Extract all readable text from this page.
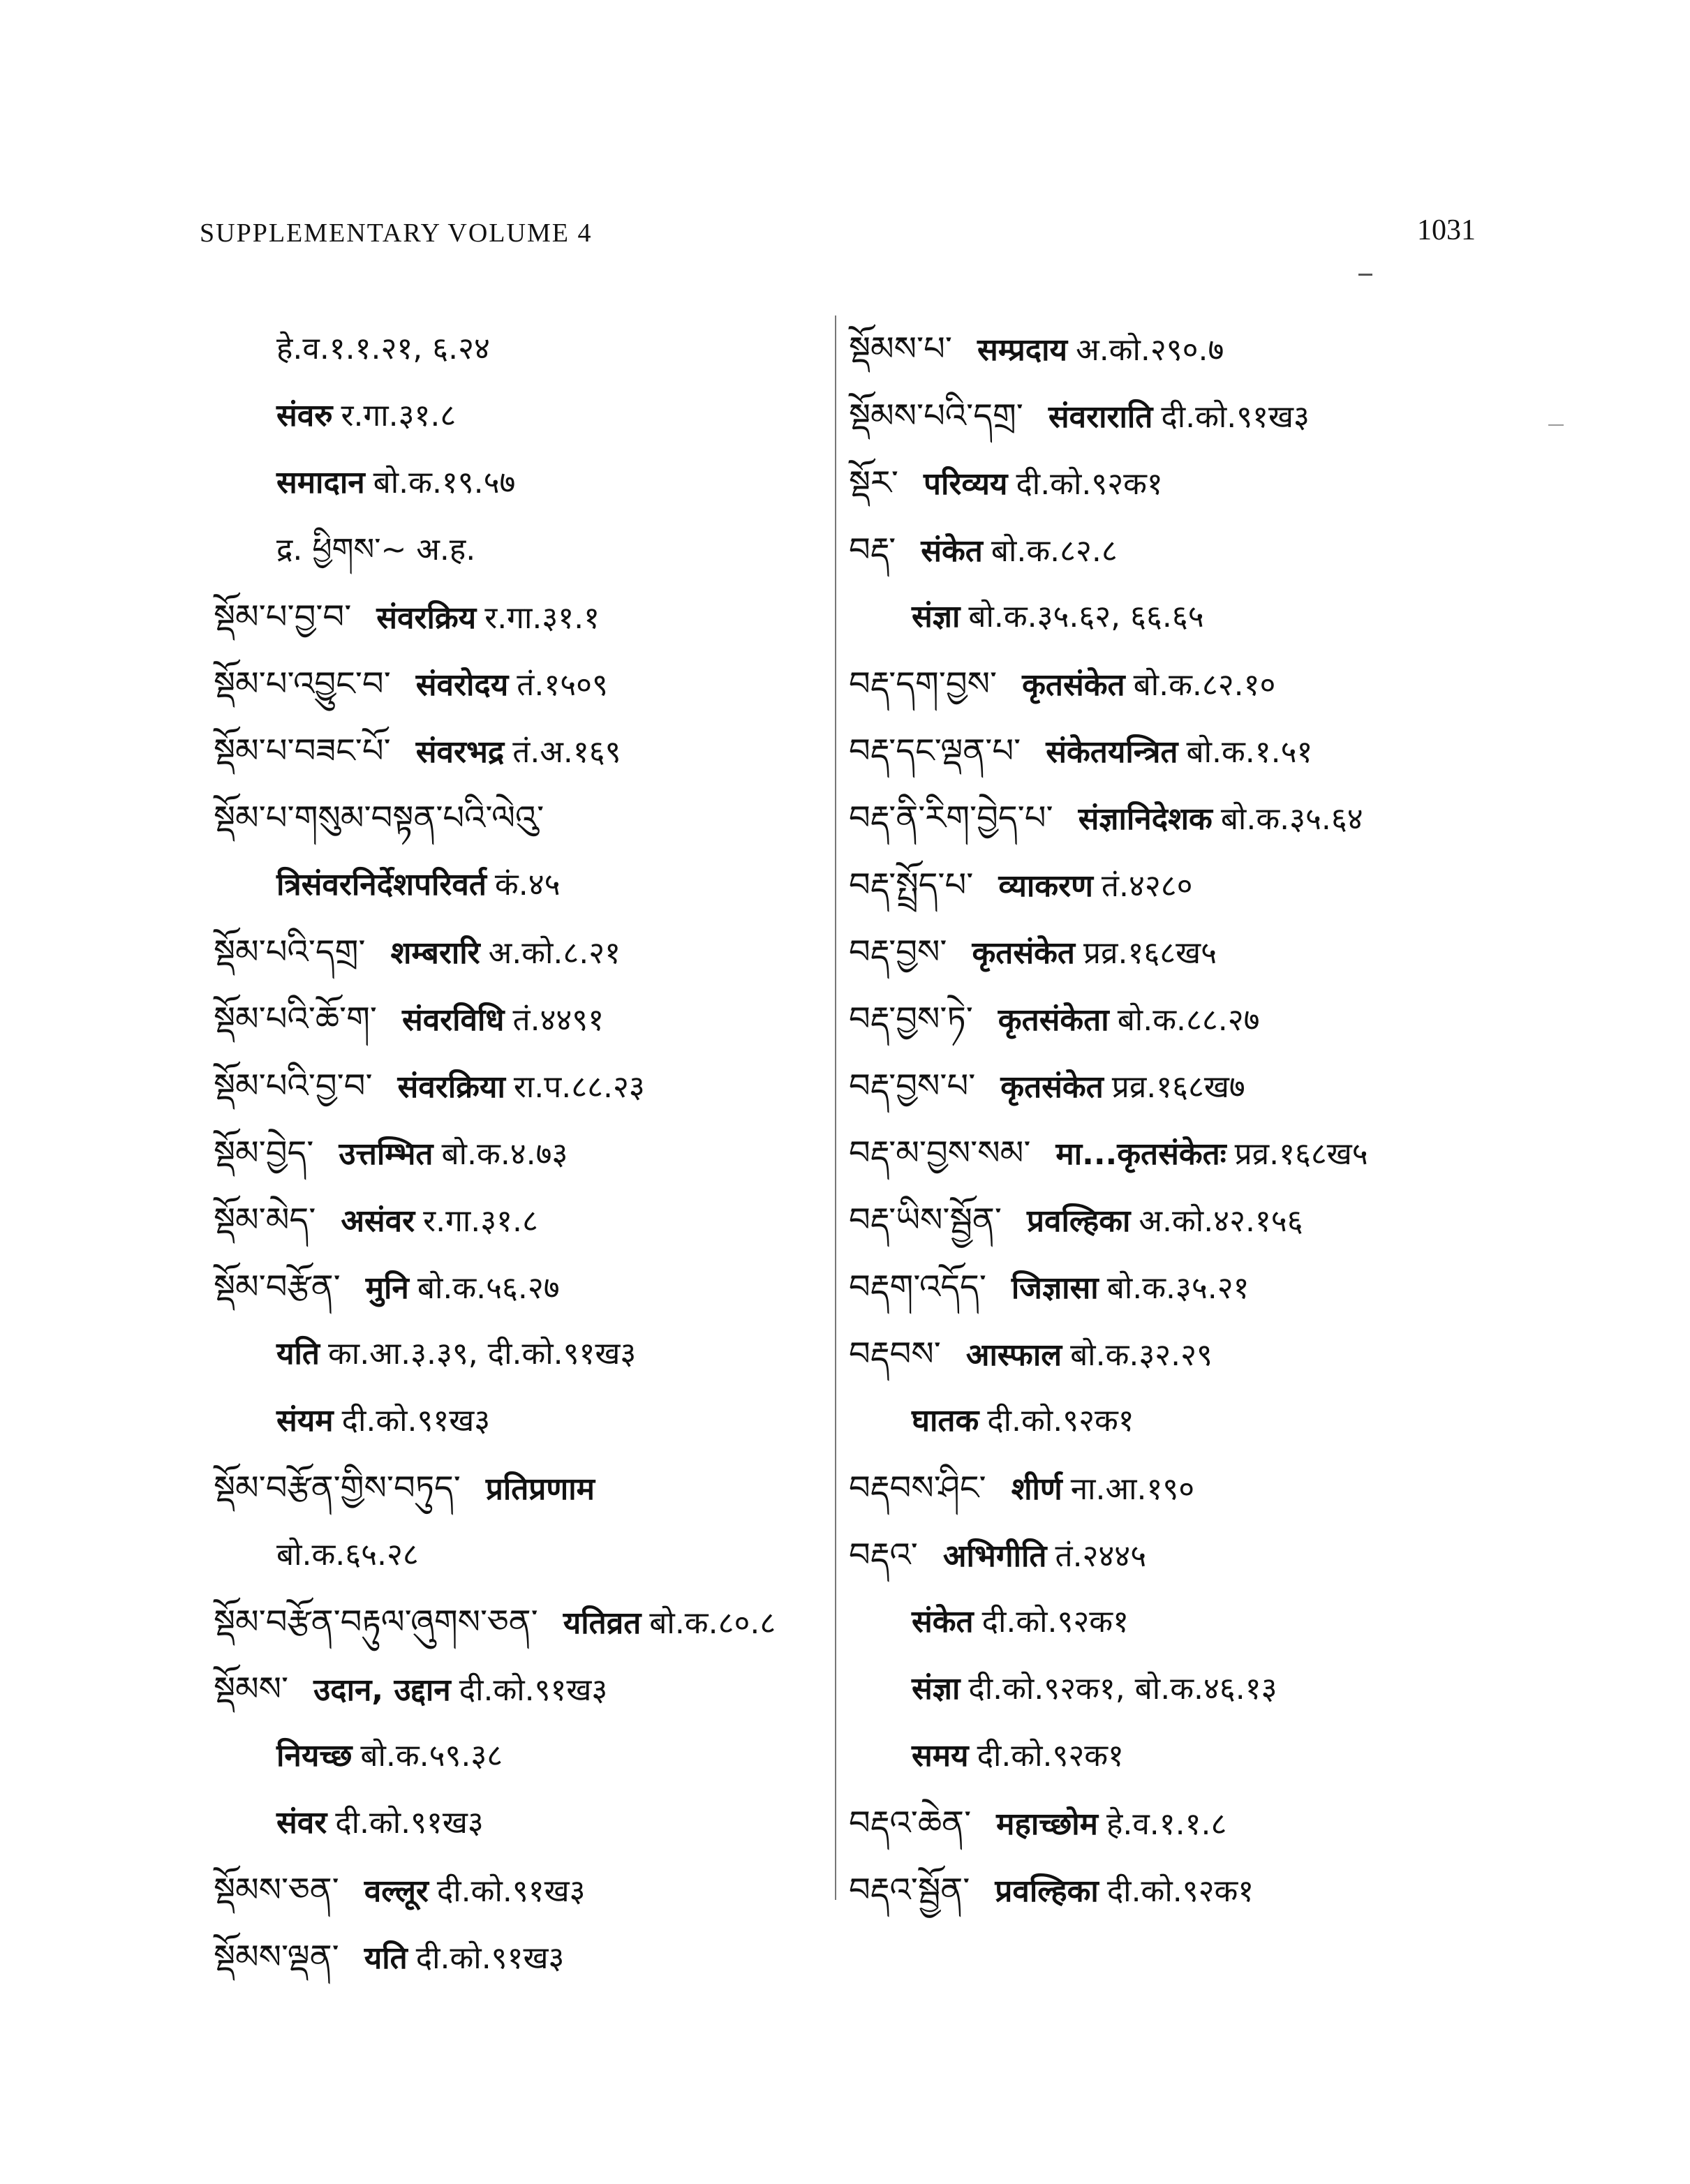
SUPPLEMENTARY VOLUME 4	1031
हे.व.१.१.२१, ६.२४
संवरु र.गा.३१.८
समादान बो.क.१९.५७
द्र. ཕྱིགས་~ अ.ह.
སྡོམ་པ་བྱ་བ་ संवरक्रिय र.गा.३१.१
སྡོམ་པ་འབྱུང་བ་ संवरोदय तं.१५०९
སྡོམ་པ་བཟང་པོ་ संवरभद्र तं.अ.१६९
སྡོམ་པ་གསུམ་བསྟན་པའི་ལེའུ་
त्रिसंवरनिर्देशपरिवर्त कं.४५
སྡོམ་པའི་དགྲ་ शम्बरारि अ.को.८.२१
སྡོམ་པའི་ཆོ་ག་ संवरविधि तं.४४९१
སྡོམ་པའི་བྱ་བ་ संवरक्रिया रा.प.८८.२३
སྡོམ་བྱེད་ उत्तम्भित बो.क.४.७३
སྡོམ་མེད་ असंवर र.गा.३१.८
སྡོམ་བརྩོན་ मुनि बो.क.५६.२७
यति का.आ.३.३९, दी.को.९१ख३
संयम दी.को.९१ख३
སྡོམ་བརྩོན་གྱིས་བཏུད་ प्रतिप्रणाम
बो.क.६५.२८
སྡོམ་བརྩོན་བརྟུལ་ཞུགས་ཅན་ यतिव्रत बो.क.८०.८
སྡོམས་ उदान, उद्दान दी.को.९१ख३
नियच्छ बो.क.५९.३८
संवर दी.को.९१ख३
སྡོམས་ཅན་ वल्लूर दी.को.९१ख३
སྡོམས་ལྡན་ यति दी.को.९१ख३
སྡོམས་པ་ सम्प्रदाय अ.को.२९०.७
སྡོམས་པའི་དགྲ་ संवराराति दी.को.९१ख३
སྡོར་ परिव्यय दी.को.९२क१
བརྡ་ संकेत बो.क.८२.८
संज्ञा बो.क.३५.६२, ६६.६५
བརྡ་དག་བྱས་ कृतसंकेत बो.क.८२.१०
བརྡ་དང་ལྡན་པ་ संकेतयन्त्रित बो.क.१.५१
བརྡ་ནི་རིག་བྱེད་པ་ संज्ञानिदेशक बो.क.३५.६४
བརྡ་སྤྲོད་པ་ व्याकरण तं.४२८०
བརྡ་བྱས་ कृतसंकेत प्रव्र.१६८ख५
བརྡ་བྱས་ཏེ་ कृतसंकेता बो.क.८८.२७
བརྡ་བྱས་པ་ कृतसंकेत प्रव्र.१६८ख७
བརྡ་མ་བྱས་སམ་ मा...कृतसंकेतः प्रव्र.१६८ख५
བརྡ་ཡིས་སྦྱོན་ प्रवल्हिका अ.को.४२.१५६
བརྡག་འདོད་ जिज्ञासा बो.क.३५.२१
བརྡབས་ आस्फाल बो.क.३२.२९
घातक दी.को.९२क१
བརྡབས་ཤིང་ शीर्ण ना.आ.१९०
བརྡའ་ अभिगीति तं.२४४५
संकेत दी.को.९२क१
संज्ञा दी.को.९२क१, बो.क.४६.१३
समय दी.को.९२क१
བརྡའ་ཆེན་ महाच्छोम हे.व.१.१.८
བརྡའ་སྦྱོན་ प्रवल्हिका दी.को.९२क१
